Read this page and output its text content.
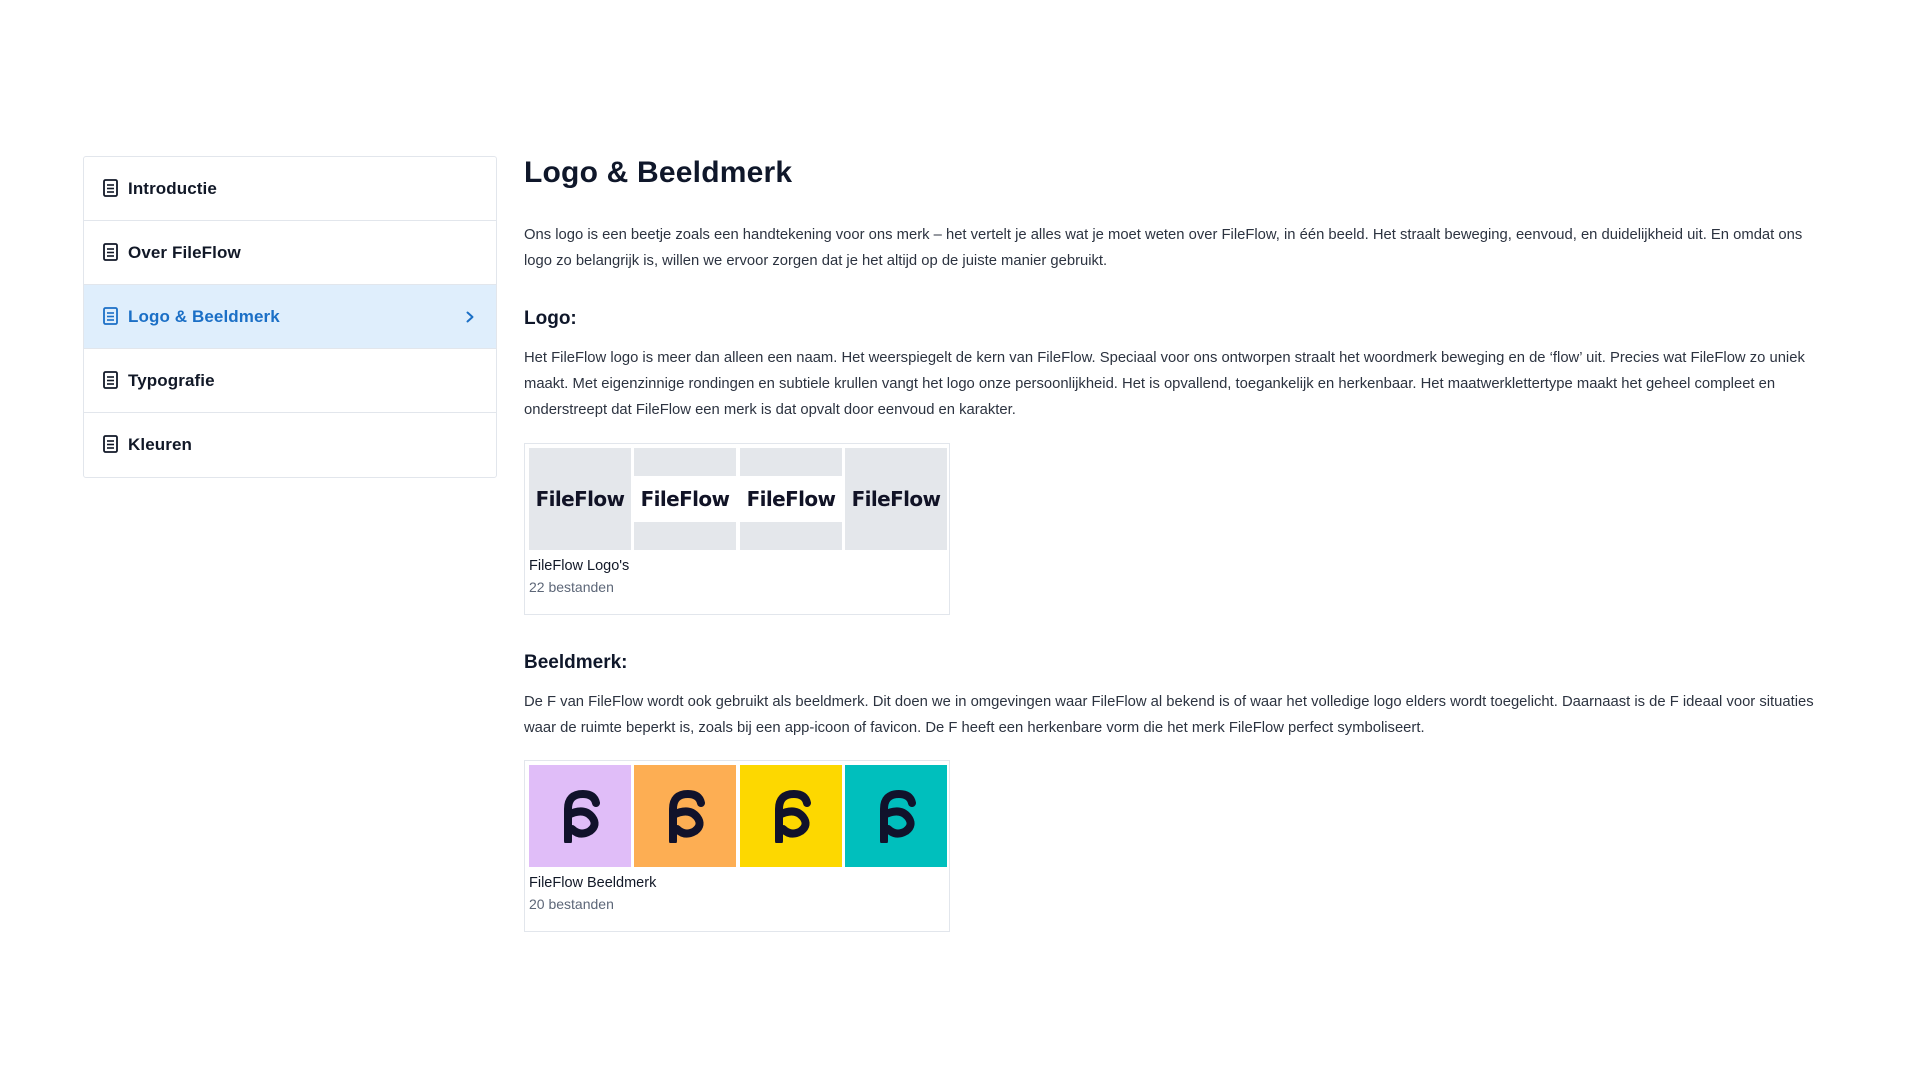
Introductie
Over FileFlow
Logo & Beeldmerk
Typografie
Kleuren
Logo & Beeldmerk

Ons logo is een beetje zoals een handtekening voor ons merk – het vertelt je alles wat je moet weten over FileFlow, in één beeld. Het straalt beweging, eenvoud, en duidelijkheid uit. En omdat ons logo zo belangrijk is, willen we ervoor zorgen dat je het altijd op de juiste manier gebruikt.

Logo:

Het FileFlow logo is meer dan alleen een naam. Het weerspiegelt de kern van FileFlow. Speciaal voor ons ontworpen straalt het woordmerk beweging en de ‘flow’ uit. Precies wat FileFlow zo uniek maakt. Met eigenzinnige rondingen en subtiele krullen vangt het logo onze persoonlijkheid. Het is opvallend, toegankelijk en herkenbaar. Het maatwerklettertype maakt het geheel compleet en onderstreept dat FileFlow een merk is dat opvalt door eenvoud en karakter.

FileFlow FileFlow FileFlow FileFlow
FileFlow Logo's
22 bestanden
Beeldmerk:

De F van FileFlow wordt ook gebruikt als beeldmerk. Dit doen we in omgevingen waar FileFlow al bekend is of waar het volledige logo elders wordt toegelicht. Daarnaast is de F ideaal voor situaties waar de ruimte beperkt is, zoals bij een app-icoon of favicon. De F heeft een herkenbare vorm die het merk FileFlow perfect symboliseert.

FileFlow Beeldmerk
20 bestanden
